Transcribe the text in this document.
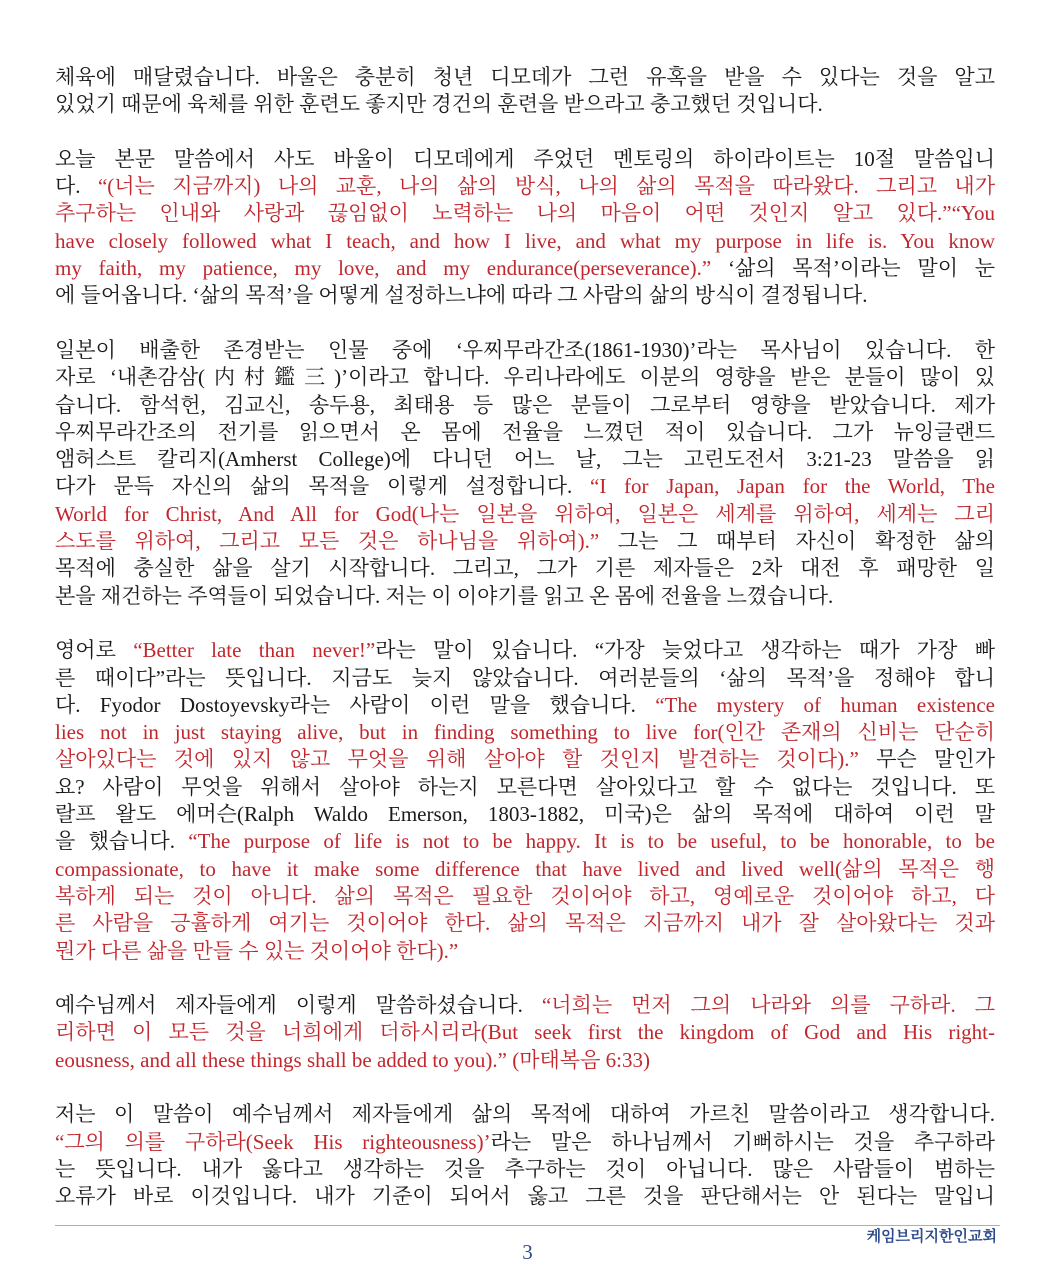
체육에 매달렸습니다. 바울은 충분히 청년 디모데가 그런 유혹을 받을 수 있다는 것을 알고
있었기 때문에 육체를 위한 훈련도 좋지만 경건의 훈련을 받으라고 충고했던 것입니다.
오늘 본문 말씀에서 사도 바울이 디모데에게 주었던 멘토링의 하이라이트는 10절 말씀입니
다. “(너는 지금까지) 나의 교훈, 나의 삶의 방식, 나의 삶의 목적을 따라왔다. 그리고 내가
추구하는 인내와 사랑과 끊임없이 노력하는 나의 마음이 어떤 것인지 알고 있다.”“You
have closely followed what I teach, and how I live, and what my purpose in life is. You know
my faith, my patience, my love, and my endurance(perseverance).” ‘삶의 목적’이라는 말이 눈
에 들어옵니다. ‘삶의 목적’을 어떻게 설정하느냐에 따라 그 사람의 삶의 방식이 결정됩니다.
일본이 배출한 존경받는 인물 중에 ‘우찌무라간조(1861-1930)’라는 목사님이 있습니다. 한
자로 ‘내촌감삼(内村鑑三)’이라고 합니다. 우리나라에도 이분의 영향을 받은 분들이 많이 있
습니다. 함석헌, 김교신, 송두용, 최태용 등 많은 분들이 그로부터 영향을 받았습니다. 제가
우찌무라간조의 전기를 읽으면서 온 몸에 전율을 느꼈던 적이 있습니다. 그가 뉴잉글랜드
앰허스트 칼리지(Amherst College)에 다니던 어느 날, 그는 고린도전서 3:21-23 말씀을 읽
다가 문득 자신의 삶의 목적을 이렇게 설정합니다. “I for Japan, Japan for the World, The
World for Christ, And All for God(나는 일본을 위하여, 일본은 세계를 위하여, 세계는 그리
스도를 위하여, 그리고 모든 것은 하나님을 위하여).” 그는 그 때부터 자신이 확정한 삶의
목적에 충실한 삶을 살기 시작합니다. 그리고, 그가 기른 제자들은 2차 대전 후 패망한 일
본을 재건하는 주역들이 되었습니다. 저는 이 이야기를 읽고 온 몸에 전율을 느꼈습니다.
영어로 “Better late than never!”라는 말이 있습니다. “가장 늦었다고 생각하는 때가 가장 빠
른 때이다”라는 뜻입니다. 지금도 늦지 않았습니다. 여러분들의 ‘삶의 목적’을 정해야 합니
다. Fyodor Dostoyevsky라는 사람이 이런 말을 했습니다. “The mystery of human existence
lies not in just staying alive, but in finding something to live for(인간 존재의 신비는 단순히
살아있다는 것에 있지 않고 무엇을 위해 살아야 할 것인지 발견하는 것이다).” 무슨 말인가
요? 사람이 무엇을 위해서 살아야 하는지 모른다면 살아있다고 할 수 없다는 것입니다. 또
랄프 왈도 에머슨(Ralph Waldo Emerson, 1803-1882, 미국)은 삶의 목적에 대하여 이런 말
을 했습니다. “The purpose of life is not to be happy. It is to be useful, to be honorable, to be
compassionate, to have it make some difference that have lived and lived well(삶의 목적은 행
복하게 되는 것이 아니다. 삶의 목적은 필요한 것이어야 하고, 영예로운 것이어야 하고, 다
른 사람을 긍휼하게 여기는 것이어야 한다. 삶의 목적은 지금까지 내가 잘 살아왔다는 것과
뭔가 다른 삶을 만들 수 있는 것이어야 한다).”
예수님께서 제자들에게 이렇게 말씀하셨습니다. “너희는 먼저 그의 나라와 의를 구하라. 그
리하면 이 모든 것을 너희에게 더하시리라(But seek first the kingdom of God and His right-
eousness, and all these things shall be added to you).” (마태복음 6:33)
저는 이 말씀이 예수님께서 제자들에게 삶의 목적에 대하여 가르친 말씀이라고 생각합니다.
“그의 의를 구하라(Seek His righteousness)’라는 말은 하나님께서 기뻐하시는 것을 추구하라
는 뜻입니다. 내가 옳다고 생각하는 것을 추구하는 것이 아닙니다. 많은 사람들이 범하는
오류가 바로 이것입니다. 내가 기준이 되어서 옳고 그른 것을 판단해서는 안 된다는 말입니
3
케임브리지한인교회
